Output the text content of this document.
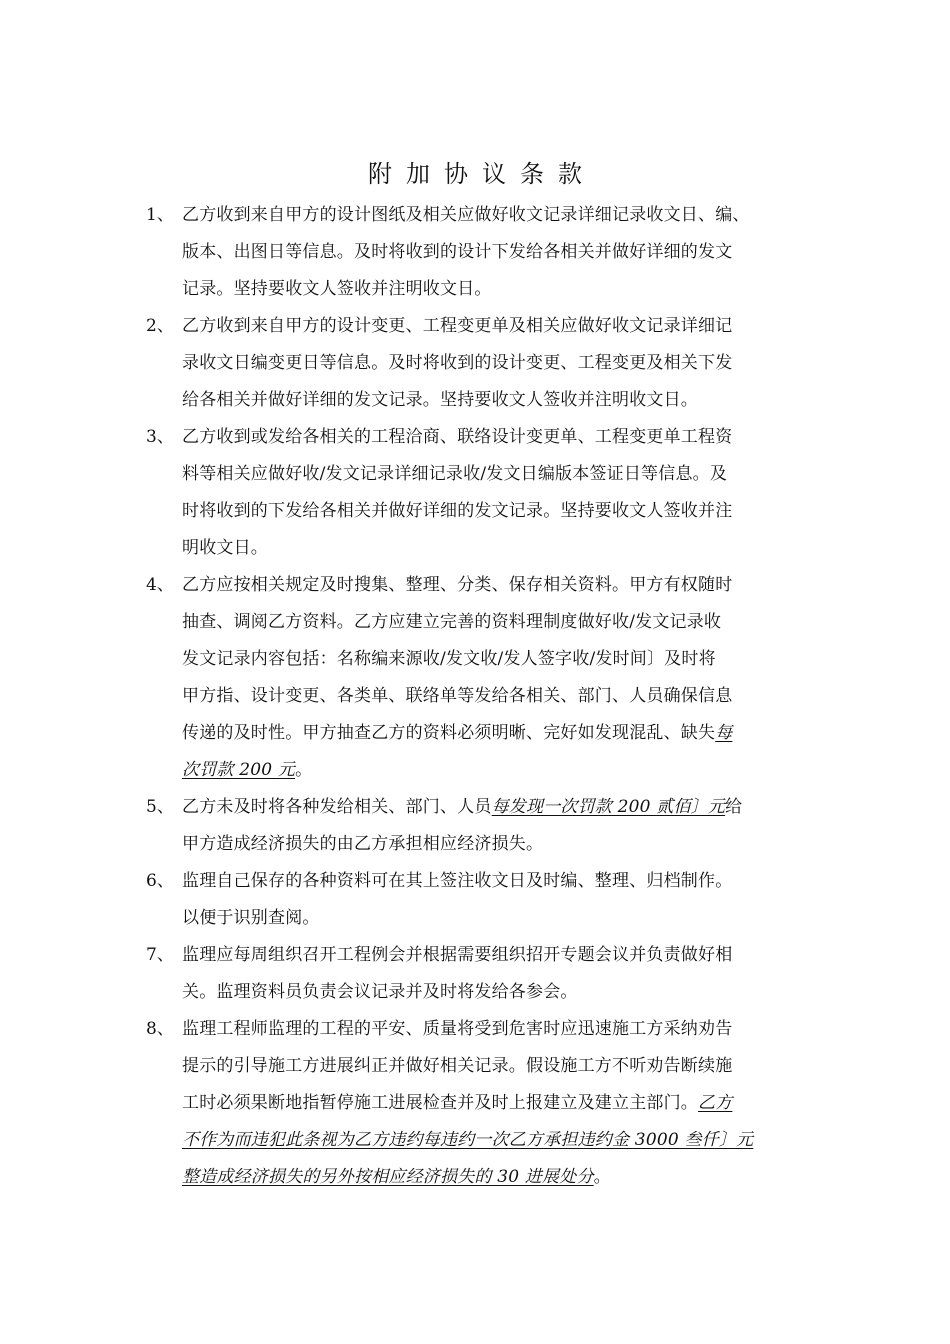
附加协议条款
1、 乙方收到来自甲方的设计图纸及相关应做好收文记录详细记录收文日、编、
版本、出图日等信息。及时将收到的设计下发给各相关并做好详细的发文
记录。坚持要收文人签收并注明收文日。
2、 乙方收到来自甲方的设计变更、工程变更单及相关应做好收文记录详细记
录收文日编变更日等信息。及时将收到的设计变更、工程变更及相关下发
给各相关并做好详细的发文记录。坚持要收文人签收并注明收文日。
3、 乙方收到或发给各相关的工程洽商、联络设计变更单、工程变更单工程资
料等相关应做好收/发文记录详细记录收/发文日编版本签证日等信息。及
时将收到的下发给各相关并做好详细的发文记录。坚持要收文人签收并注
明收文日。
4、 乙方应按相关规定及时搜集、整理、分类、保存相关资料。甲方有权随时
抽查、调阅乙方资料。乙方应建立完善的资料理制度做好收/发文记录收
发文记录内容包括：名称编来源收/发文收/发人签字收/发时间〕及时将
甲方指、设计变更、各类单、联络单等发给各相关、部门、人员确保信息
传递的及时性。甲方抽查乙方的资料必须明晰、完好如发现混乱、缺失每
次罚款 200 元。
5、 乙方未及时将各种发给相关、部门、人员每发现一次罚款 200 贰佰〕元给
甲方造成经济损失的由乙方承担相应经济损失。
6、 监理自己保存的各种资料可在其上签注收文日及时编、整理、归档制作。
以便于识别查阅。
7、 监理应每周组织召开工程例会并根据需要组织招开专题会议并负责做好相
关。监理资料员负责会议记录并及时将发给各参会。
8、 监理工程师监理的工程的平安、质量将受到危害时应迅速施工方采纳劝告
提示的引导施工方进展纠正并做好相关记录。假设施工方不听劝告断续施
工时必须果断地指暂停施工进展检查并及时上报建立及建立主部门。乙方
不作为而违犯此条视为乙方违约每违约一次乙方承担违约金 3000 叁仟〕元
整造成经济损失的另外按相应经济损失的 30 进展处分。
